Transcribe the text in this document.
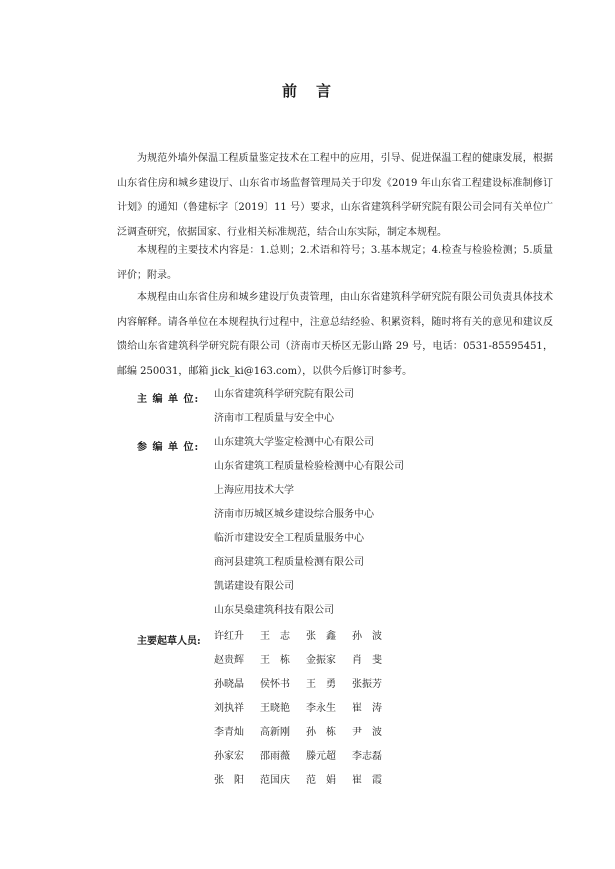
前　言

为规范外墙外保温工程质量鉴定技术在工程中的应用，引导、促进保温工程的健康发展，根据山东省住房和城乡建设厅、山东省市场监督管理局关于印发《2019 年山东省工程建设标准制修订计划》的通知（鲁建标字〔2019〕11 号）要求，山东省建筑科学研究院有限公司会同有关单位广泛调查研究，依据国家、行业相关标准规范，结合山东实际，制定本规程。

本规程的主要技术内容是：1.总则；2.术语和符号；3.基本规定；4.检查与检验检测；5.质量评价；附录。

本规程由山东省住房和城乡建设厅负责管理，由山东省建筑科学研究院有限公司负责具体技术内容解释。请各单位在本规程执行过程中，注意总结经验、积累资料，随时将有关的意见和建议反馈给山东省建筑科学研究院有限公司（济南市天桥区无影山路 29 号，电话：0531-85595451，邮编 250031，邮箱 jick_ki@163.com），以供今后修订时参考。

主 编 单 位: 山东省建筑科学研究院有限公司
济南市工程质量与安全中心
参 编 单 位: 山东建筑大学鉴定检测中心有限公司
山东省建筑工程质量检验检测中心有限公司
上海应用技术大学
济南市历城区城乡建设综合服务中心
临沂市建设安全工程质量服务中心
商河县建筑工程质量检测有限公司
凯诺建设有限公司
山东昊燊建筑科技有限公司
主要起草人员: 许红升	王　志	张　鑫	孙　波
赵贵辉	王　栋	金振家	肖　斐
孙晓晶	侯怀书	王　勇	张振芳
刘执祥	王晓艳	李永生	崔　涛
李青灿	高新刚	孙　栋	尹　波
孙家宏	邵雨薇	滕元超	李志磊
张　阳	范国庆	范　娟	崔　霞
